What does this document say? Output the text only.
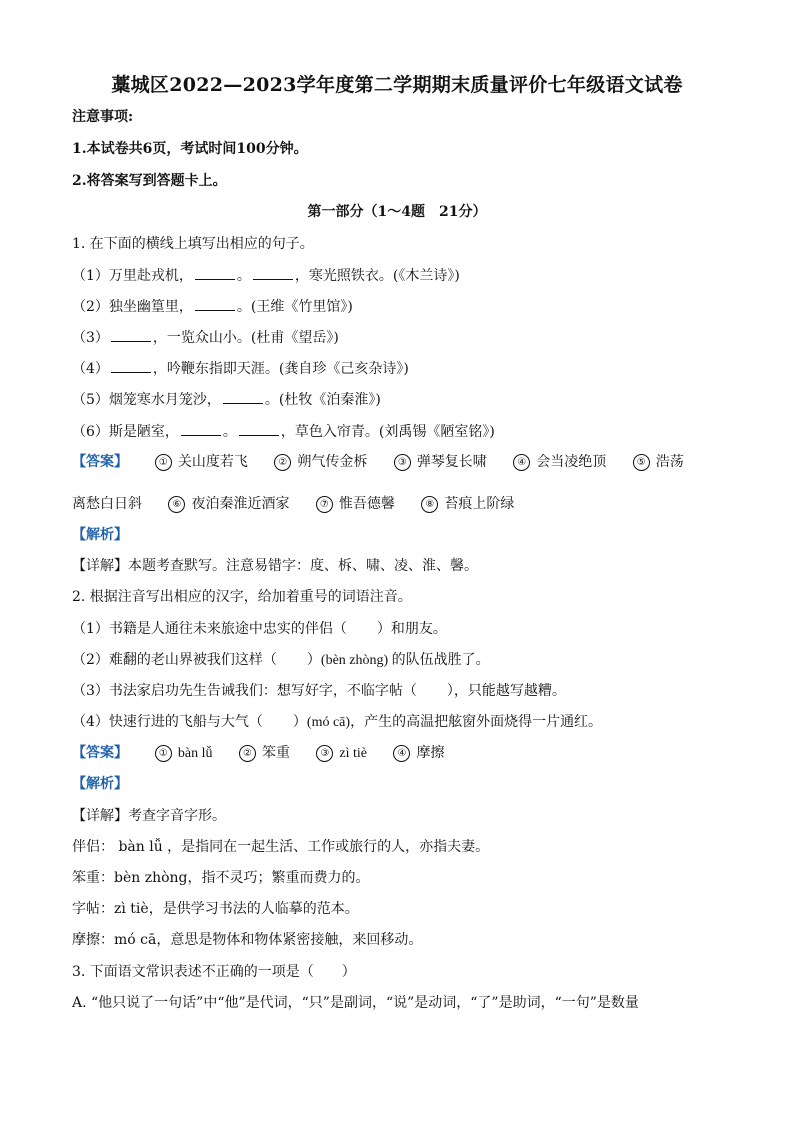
藁城区2022—2023学年度第二学期期末质量评价七年级语文试卷
注意事项:
1.本试卷共6页，考试时间100分钟。
2.将答案写到答题卡上。
第一部分（1～4题　21分）
1. 在下面的横线上填写出相应的句子。
（1）万里赴戎机，	。	，寒光照铁衣。(《木兰诗》)
（2）独坐幽篁里，	。(王维《竹里馆》)
（3）	，一览众山小。(杜甫《望岳》)
（4）	，吟鞭东指即天涯。(龚自珍《己亥杂诗》)
（5）烟笼寒水月笼沙，	。(杜牧《泊秦淮》)
（6）斯是陋室，	。	，草色入帘青。(刘禹锡《陋室铭》)
【答案】	① 关山度若飞	② 朔气传金柝	③ 弹琴复长啸	④ 会当凌绝顶	⑤ 浩荡
离愁白日斜	⑥ 夜泊秦淮近酒家	⑦ 惟吾德馨	⑧ 苔痕上阶绿
【解析】
【详解】本题考查默写。注意易错字：度、柝、啸、凌、淮、馨。
2. 根据注音写出相应的汉字，给加着重号的词语注音。
（1）书籍是人通往未来旅途中忠实的伴侣（ ）和朋友。
（2）难翻的老山界被我们这样（ ）(bèn zhòng) 的队伍战胜了。
（3）书法家启功先生告诫我们：想写好字，不临字帖（ ），只能越写越糟。
（4）快速行进的飞船与大气（ ）(mó cā)，产生的高温把舷窗外面烧得一片通红。
【答案】	① bàn lǚ	② 笨重	③ zì tiè	④ 摩擦
【解析】
【详解】考查字音字形。
伴侣： bàn lǚ ，是指同在一起生活、工作或旅行的人，亦指夫妻。
笨重：bèn zhòng，指不灵巧；繁重而费力的。
字帖：zì tiè，是供学习书法的人临摹的范本。
摩擦：mó cā，意思是物体和物体紧密接触，来回移动。
3. 下面语文常识表述不正确的一项是（　　）
A. “他只说了一句话”中“他”是代词，“只”是副词，“说”是动词，“了”是助词，“一句”是数量
